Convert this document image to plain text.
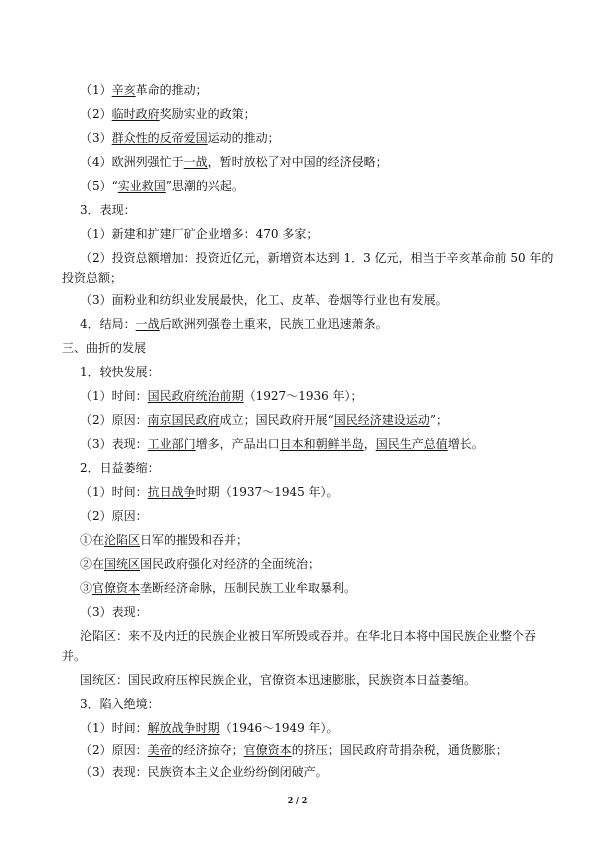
（1）辛亥革命的推动；
（2）临时政府奖励实业的政策；
（3）群众性的反帝爱国运动的推动；
（4）欧洲列强忙于一战，暂时放松了对中国的经济侵略；
（5）“实业救国”思潮的兴起。
3．表现：
（1）新建和扩建厂矿企业增多：470 多家；
（2）投资总额增加：投资近亿元，新增资本达到 1．3 亿元，相当于辛亥革命前 50 年的
投资总额；
（3）面粉业和纺织业发展最快，化工、皮革、卷烟等行业也有发展。
4．结局：一战后欧洲列强卷土重来，民族工业迅速萧条。
三、曲折的发展
1．较快发展：
（1）时间：国民政府统治前期（1927～1936 年）；
（2）原因：南京国民政府成立；国民政府开展“国民经济建设运动”；
（3）表现：工业部门增多，产品出口日本和朝鲜半岛，国民生产总值增长。
2．日益萎缩：
（1）时间：抗日战争时期（1937～1945 年）。
（2）原因：
①在沦陷区日军的摧毁和吞并；
②在国统区国民政府强化对经济的全面统治；
③官僚资本垄断经济命脉，压制民族工业牟取暴利。
（3）表现：
沦陷区：来不及内迁的民族企业被日军所毁或吞并。在华北日本将中国民族企业整个吞
并。
国统区：国民政府压榨民族企业，官僚资本迅速膨胀，民族资本日益萎缩。
3．陷入绝境：
（1）时间：解放战争时期（1946～1949 年）。
（2）原因：美帝的经济掠夺；官僚资本的挤压；国民政府苛捐杂税，通货膨胀；
（3）表现：民族资本主义企业纷纷倒闭破产。
2 / 2
